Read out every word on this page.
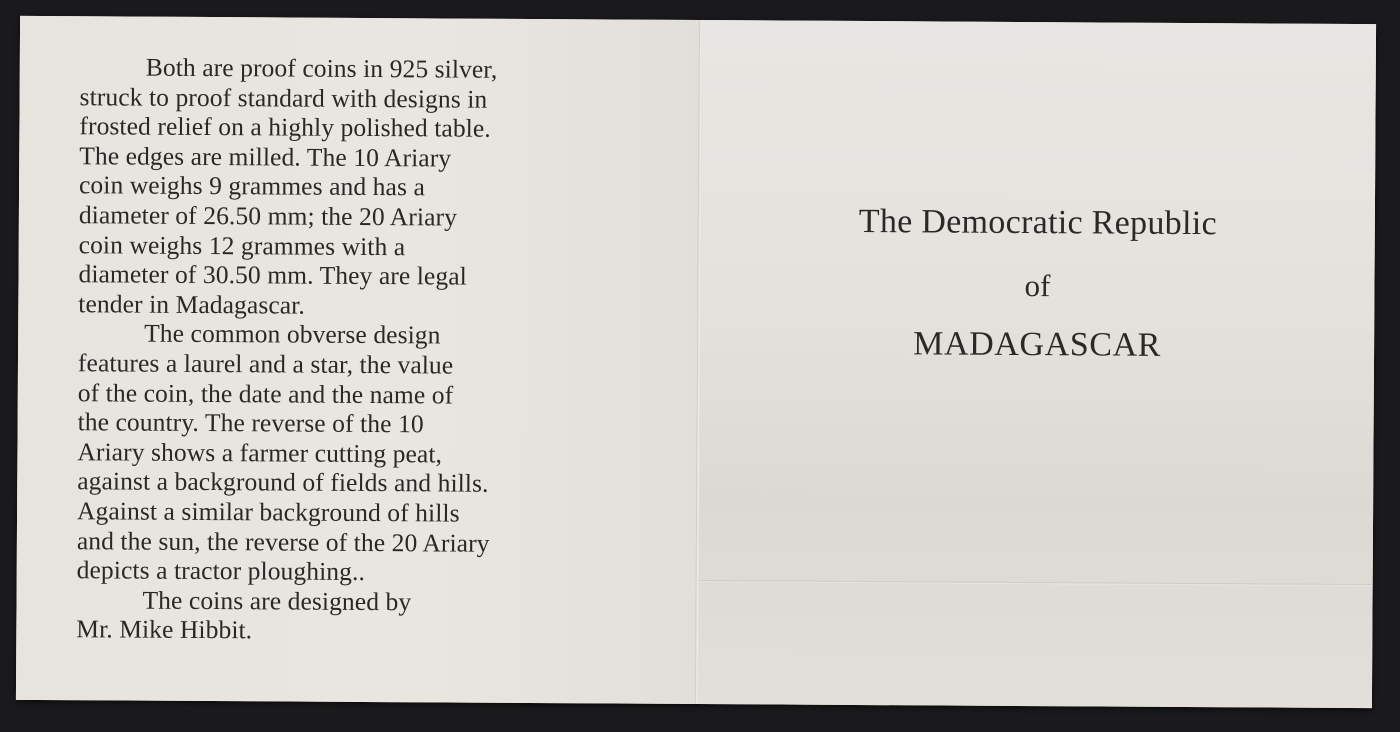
Both are proof coins in 925 silver,
struck to proof standard with designs in
frosted relief on a highly polished table.
The edges are milled. The 10 Ariary
coin weighs 9 grammes and has a
diameter of 26.50 mm; the 20 Ariary
coin weighs 12 grammes with a
diameter of 30.50 mm. They are legal
tender in Madagascar.
The common obverse design
features a laurel and a star, the value
of the coin, the date and the name of
the country. The reverse of the 10
Ariary shows a farmer cutting peat,
against a background of fields and hills.
Against a similar background of hills
and the sun, the reverse of the 20 Ariary
depicts a tractor ploughing..
The coins are designed by
Mr. Mike Hibbit.
The Democratic Republic
of
MADAGASCAR
